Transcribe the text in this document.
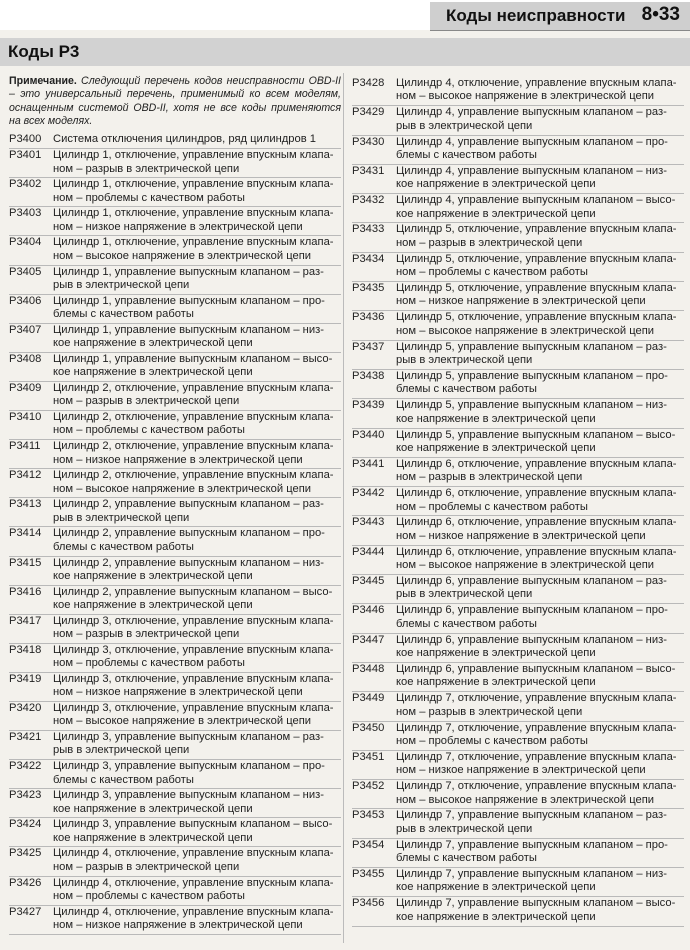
Коды неисправности 8•33
Коды Р3

Примечание. Следующий перечень кодов неисправности OBD-II – это универсальный перечень, применимый ко всем моделям, оснащенным системой OBD-II, хотя не все коды применяются на всех моделях.

P3400	Система отключения цилиндров, ряд цилиндров 1
P3401	Цилиндр 1, отключение, управление впускным клапа-
ном – разрыв в электрической цепи
P3402	Цилиндр 1, отключение, управление впускным клапа-
ном – проблемы с качеством работы
P3403	Цилиндр 1, отключение, управление впускным клапа-
ном – низкое напряжение в электрической цепи
P3404	Цилиндр 1, отключение, управление впускным клапа-
ном – высокое напряжение в электрической цепи
P3405	Цилиндр 1, управление выпускным клапаном – раз-
рыв в электрической цепи
P3406	Цилиндр 1, управление выпускным клапаном – про-
блемы с качеством работы
P3407	Цилиндр 1, управление выпускным клапаном – низ-
кое напряжение в электрической цепи
P3408	Цилиндр 1, управление выпускным клапаном – высо-
кое напряжение в электрической цепи
P3409	Цилиндр 2, отключение, управление впускным клапа-
ном – разрыв в электрической цепи
P3410	Цилиндр 2, отключение, управление впускным клапа-
ном – проблемы с качеством работы
P3411	Цилиндр 2, отключение, управление впускным клапа-
ном – низкое напряжение в электрической цепи
P3412	Цилиндр 2, отключение, управление впускным клапа-
ном – высокое напряжение в электрической цепи
P3413	Цилиндр 2, управление выпускным клапаном – раз-
рыв в электрической цепи
P3414	Цилиндр 2, управление выпускным клапаном – про-
блемы с качеством работы
P3415	Цилиндр 2, управление выпускным клапаном – низ-
кое напряжение в электрической цепи
P3416	Цилиндр 2, управление выпускным клапаном – высо-
кое напряжение в электрической цепи
P3417	Цилиндр 3, отключение, управление впускным клапа-
ном – разрыв в электрической цепи
P3418	Цилиндр 3, отключение, управление впускным клапа-
ном – проблемы с качеством работы
P3419	Цилиндр 3, отключение, управление впускным клапа-
ном – низкое напряжение в электрической цепи
P3420	Цилиндр 3, отключение, управление впускным клапа-
ном – высокое напряжение в электрической цепи
P3421	Цилиндр 3, управление выпускным клапаном – раз-
рыв в электрической цепи
P3422	Цилиндр 3, управление выпускным клапаном – про-
блемы с качеством работы
P3423	Цилиндр 3, управление выпускным клапаном – низ-
кое напряжение в электрической цепи
P3424	Цилиндр 3, управление выпускным клапаном – высо-
кое напряжение в электрической цепи
P3425	Цилиндр 4, отключение, управление впускным клапа-
ном – разрыв в электрической цепи
P3426	Цилиндр 4, отключение, управление впускным клапа-
ном – проблемы с качеством работы
P3427	Цилиндр 4, отключение, управление впускным клапа-
ном – низкое напряжение в электрической цепи
P3428	Цилиндр 4, отключение, управление впускным клапа-
ном – высокое напряжение в электрической цепи
P3429	Цилиндр 4, управление выпускным клапаном – раз-
рыв в электрической цепи
P3430	Цилиндр 4, управление выпускным клапаном – про-
блемы с качеством работы
P3431	Цилиндр 4, управление выпускным клапаном – низ-
кое напряжение в электрической цепи
P3432	Цилиндр 4, управление выпускным клапаном – высо-
кое напряжение в электрической цепи
P3433	Цилиндр 5, отключение, управление впускным клапа-
ном – разрыв в электрической цепи
P3434	Цилиндр 5, отключение, управление впускным клапа-
ном – проблемы с качеством работы
P3435	Цилиндр 5, отключение, управление впускным клапа-
ном – низкое напряжение в электрической цепи
P3436	Цилиндр 5, отключение, управление впускным клапа-
ном – высокое напряжение в электрической цепи
P3437	Цилиндр 5, управление выпускным клапаном – раз-
рыв в электрической цепи
P3438	Цилиндр 5, управление выпускным клапаном – про-
блемы с качеством работы
P3439	Цилиндр 5, управление выпускным клапаном – низ-
кое напряжение в электрической цепи
P3440	Цилиндр 5, управление выпускным клапаном – высо-
кое напряжение в электрической цепи
P3441	Цилиндр 6, отключение, управление впускным клапа-
ном – разрыв в электрической цепи
P3442	Цилиндр 6, отключение, управление впускным клапа-
ном – проблемы с качеством работы
P3443	Цилиндр 6, отключение, управление впускным клапа-
ном – низкое напряжение в электрической цепи
P3444	Цилиндр 6, отключение, управление впускным клапа-
ном – высокое напряжение в электрической цепи
P3445	Цилиндр 6, управление выпускным клапаном – раз-
рыв в электрической цепи
P3446	Цилиндр 6, управление выпускным клапаном – про-
блемы с качеством работы
P3447	Цилиндр 6, управление выпускным клапаном – низ-
кое напряжение в электрической цепи
P3448	Цилиндр 6, управление выпускным клапаном – высо-
кое напряжение в электрической цепи
P3449	Цилиндр 7, отключение, управление впускным клапа-
ном – разрыв в электрической цепи
P3450	Цилиндр 7, отключение, управление впускным клапа-
ном – проблемы с качеством работы
P3451	Цилиндр 7, отключение, управление впускным клапа-
ном – низкое напряжение в электрической цепи
P3452	Цилиндр 7, отключение, управление впускным клапа-
ном – высокое напряжение в электрической цепи
P3453	Цилиндр 7, управление выпускным клапаном – раз-
рыв в электрической цепи
P3454	Цилиндр 7, управление выпускным клапаном – про-
блемы с качеством работы
P3455	Цилиндр 7, управление выпускным клапаном – низ-
кое напряжение в электрической цепи
P3456	Цилиндр 7, управление выпускным клапаном – высо-
кое напряжение в электрической цепи
